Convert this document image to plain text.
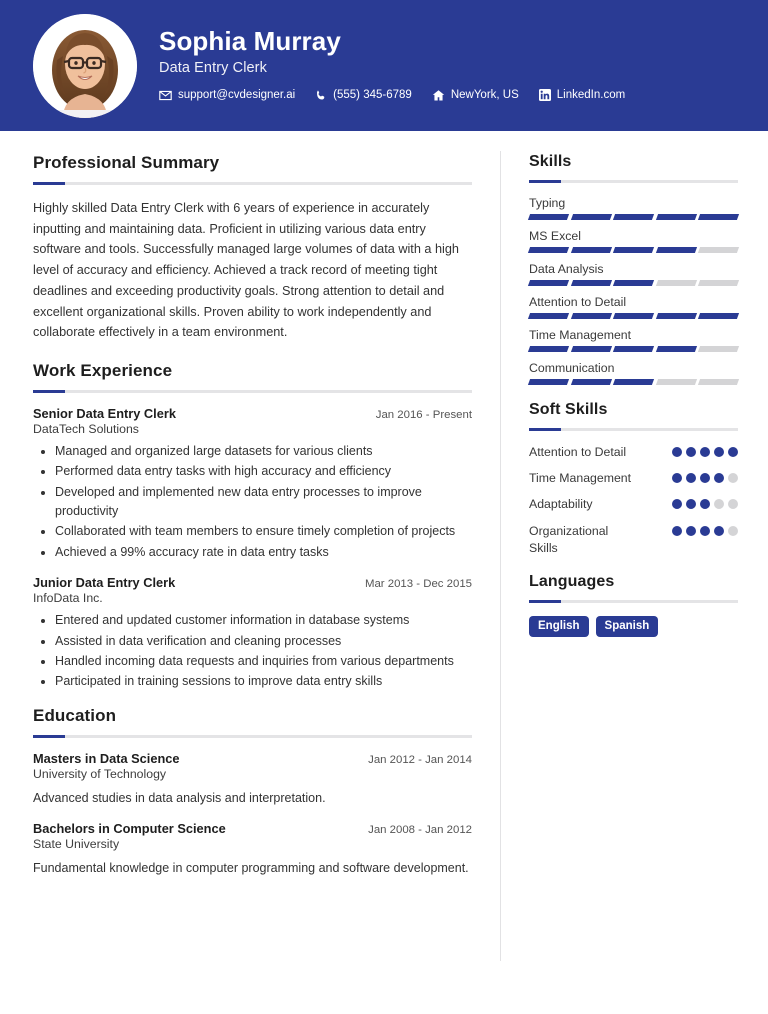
Sophia Murray
Data Entry Clerk
support@cvdesigner.ai	(555) 345-6789	NewYork, US	LinkedIn.com
Professional Summary
Highly skilled Data Entry Clerk with 6 years of experience in accurately inputting and maintaining data. Proficient in utilizing various data entry software and tools. Successfully managed large volumes of data with a high level of accuracy and efficiency. Achieved a track record of meeting tight deadlines and exceeding productivity goals. Strong attention to detail and excellent organizational skills. Proven ability to work independently and collaborate effectively in a team environment.
Work Experience
Senior Data Entry Clerk	Jan 2016 - Present
DataTech Solutions
• Managed and organized large datasets for various clients
• Performed data entry tasks with high accuracy and efficiency
• Developed and implemented new data entry processes to improve productivity
• Collaborated with team members to ensure timely completion of projects
• Achieved a 99% accuracy rate in data entry tasks
Junior Data Entry Clerk	Mar 2013 - Dec 2015
InfoData Inc.
• Entered and updated customer information in database systems
• Assisted in data verification and cleaning processes
• Handled incoming data requests and inquiries from various departments
• Participated in training sessions to improve data entry skills
Education
Masters in Data Science	Jan 2012 - Jan 2014
University of Technology
Advanced studies in data analysis and interpretation.
Bachelors in Computer Science	Jan 2008 - Jan 2012
State University
Fundamental knowledge in computer programming and software development.
Skills
Typing
MS Excel
Data Analysis
Attention to Detail
Time Management
Communication
Soft Skills
Attention to Detail
Time Management
Adaptability
Organizational Skills
Languages
English	Spanish
